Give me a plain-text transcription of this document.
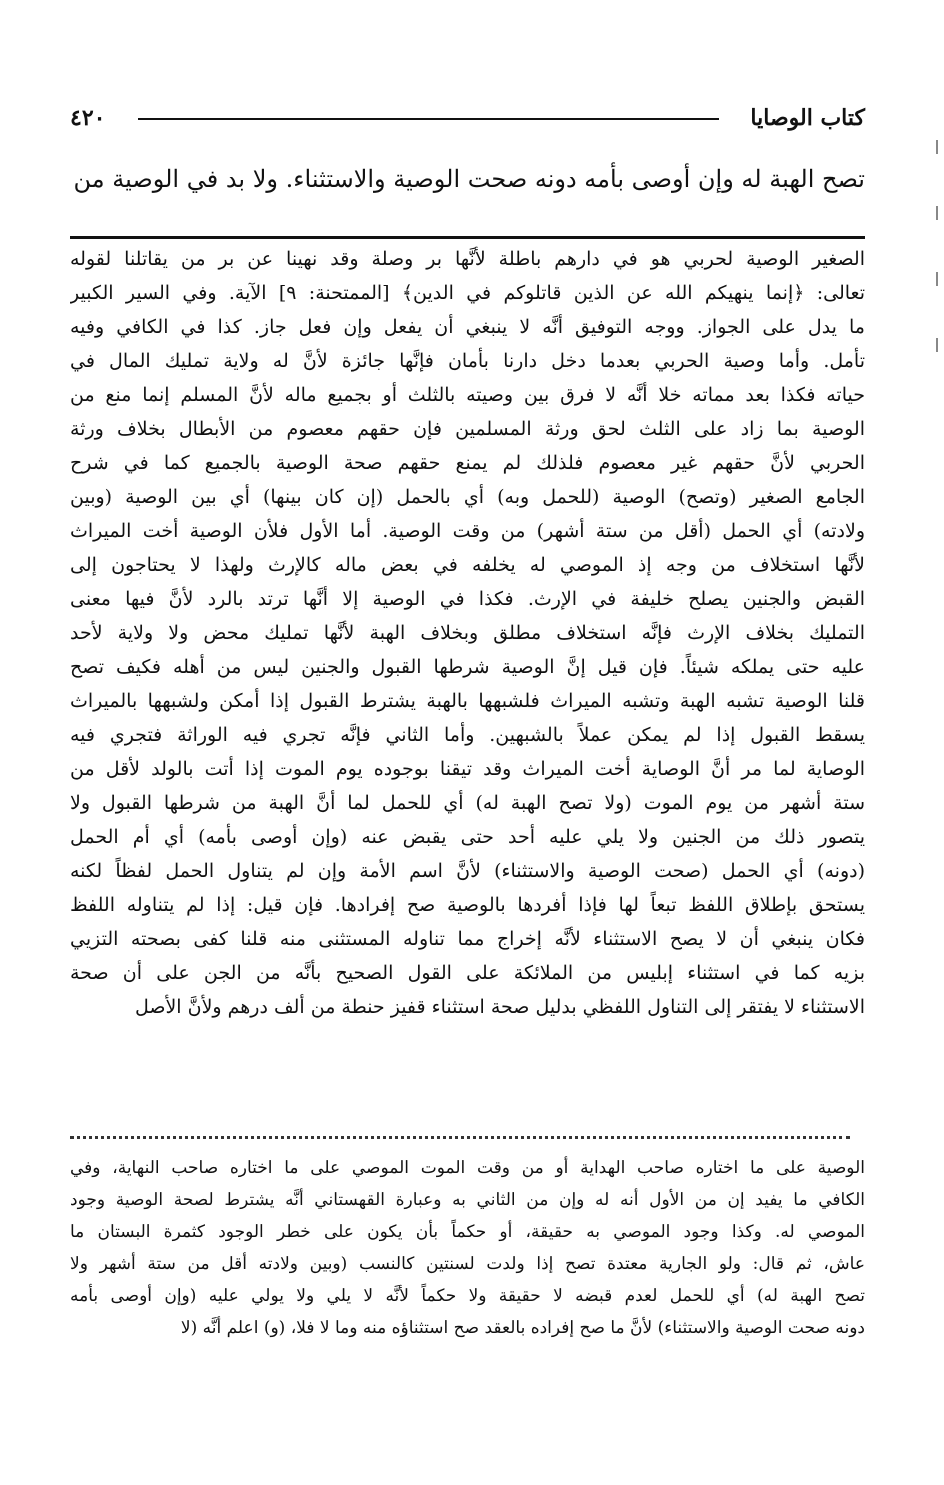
كتاب الوصايا
٤٢٠
تصح الهبة له وإن أوصى بأمه دونه صحت الوصية والاستثناء. ولا بد في الوصية من
الصغير الوصية لحربي هو في دارهم باطلة لأنَّها بر وصلة وقد نهينا عن بر من يقاتلنا لقوله
تعالى: ﴿إنما ينهيكم الله عن الذين قاتلوكم في الدين﴾ [الممتحنة: ٩] الآية. وفي السير الكبير
ما يدل على الجواز. ووجه التوفيق أنَّه لا ينبغي أن يفعل وإن فعل جاز. كذا في الكافي وفيه
تأمل. وأما وصية الحربي بعدما دخل دارنا بأمان فإنَّها جائزة لأنَّ له ولاية تمليك المال في
حياته فكذا بعد مماته خلا أنَّه لا فرق بين وصيته بالثلث أو بجميع ماله لأنَّ المسلم إنما منع من
الوصية بما زاد على الثلث لحق ورثة المسلمين فإن حقهم معصوم من الأبطال بخلاف ورثة
الحربي لأنَّ حقهم غير معصوم فلذلك لم يمنع حقهم صحة الوصية بالجميع كما في شرح
الجامع الصغير (وتصح) الوصية (للحمل وبه) أي بالحمل (إن كان بينها) أي بين الوصية (وبين
ولادته) أي الحمل (أقل من ستة أشهر) من وقت الوصية. أما الأول فلأن الوصية أخت الميراث
لأنَّها استخلاف من وجه إذ الموصي له يخلفه في بعض ماله كالإرث ولهذا لا يحتاجون إلى
القبض والجنين يصلح خليفة في الإرث. فكذا في الوصية إلا أنَّها ترتد بالرد لأنَّ فيها معنى
التمليك بخلاف الإرث فإنَّه استخلاف مطلق وبخلاف الهبة لأنَّها تمليك محض ولا ولاية لأحد
عليه حتى يملكه شيئاً. فإن قيل إنَّ الوصية شرطها القبول والجنين ليس من أهله فكيف تصح
قلنا الوصية تشبه الهبة وتشبه الميراث فلشبهها بالهبة يشترط القبول إذا أمكن ولشبهها بالميراث
يسقط القبول إذا لم يمكن عملاً بالشبهين. وأما الثاني فإنَّه تجري فيه الوراثة فتجري فيه
الوصاية لما مر أنَّ الوصاية أخت الميراث وقد تيقنا بوجوده يوم الموت إذا أتت بالولد لأقل من
ستة أشهر من يوم الموت (ولا تصح الهبة له) أي للحمل لما أنَّ الهبة من شرطها القبول ولا
يتصور ذلك من الجنين ولا يلي عليه أحد حتى يقبض عنه (وإن أوصى بأمه) أي أم الحمل
(دونه) أي الحمل (صحت الوصية والاستثناء) لأنَّ اسم الأمة وإن لم يتناول الحمل لفظاً لكنه
يستحق بإطلاق اللفظ تبعاً لها فإذا أفردها بالوصية صح إفرادها. فإن قيل: إذا لم يتناوله اللفظ
فكان ينبغي أن لا يصح الاستثناء لأنَّه إخراج مما تناوله المستثنى منه قلنا كفى بصحته التزيي
بزيه كما في استثناء إبليس من الملائكة على القول الصحيح بأنَّه من الجن على أن صحة
الاستثناء لا يفتقر إلى التناول اللفظي بدليل صحة استثناء قفيز حنطة من ألف درهم ولأنَّ الأصل
الوصية على ما اختاره صاحب الهداية أو من وقت الموت الموصي على ما اختاره صاحب النهاية، وفي
الكافي ما يفيد إن من الأول أنه له وإن من الثاني به وعبارة القهستاني أنَّه يشترط لصحة الوصية وجود
الموصي له. وكذا وجود الموصي به حقيقة، أو حكماً بأن يكون على خطر الوجود كثمرة البستان ما
عاش، ثم قال: ولو الجارية معتدة تصح إذا ولدت لسنتين كالنسب (وبين ولادته أقل من ستة أشهر ولا
تصح الهبة له) أي للحمل لعدم قبضه لا حقيقة ولا حكماً لأنَّه لا يلي ولا يولي عليه (وإن أوصى بأمه
دونه صحت الوصية والاستثناء) لأنَّ ما صح إفراده بالعقد صح استثناؤه منه وما لا فلا، (و) اعلم أنَّه (لا
